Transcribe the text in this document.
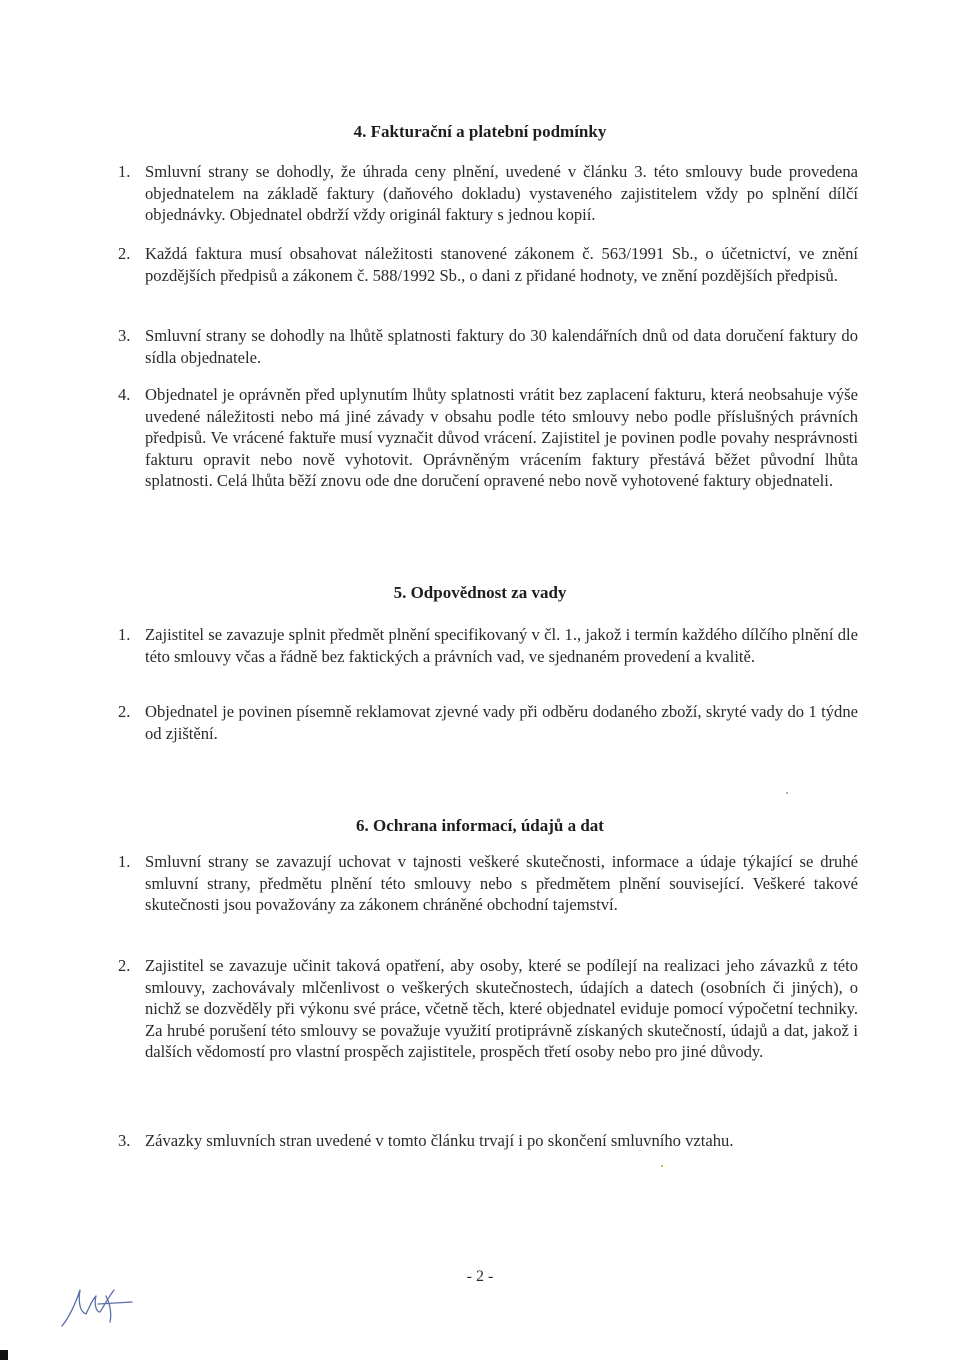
4. Fakturační a platební podmínky
1. Smluvní strany se dohodly, že úhrada ceny plnění, uvedené v článku 3. této smlouvy bude provedena objednatelem na základě faktury (daňového dokladu) vystaveného zajistitelem vždy po splnění dílčí objednávky. Objednatel obdrží vždy originál faktury s jednou kopií.
2. Každá faktura musí obsahovat náležitosti stanovené zákonem č. 563/1991 Sb., o účetnictví, ve znění pozdějších předpisů a zákonem č. 588/1992 Sb., o dani z přidané hodnoty, ve znění pozdějších předpisů.
3. Smluvní strany se dohodly na lhůtě splatnosti faktury do 30 kalendářních dnů od data doručení faktury do sídla objednatele.
4. Objednatel je oprávněn před uplynutím lhůty splatnosti vrátit bez zaplacení fakturu, která neobsahuje výše uvedené náležitosti nebo má jiné závady v obsahu podle této smlouvy nebo podle příslušných právních předpisů. Ve vrácené faktuře musí vyznačit důvod vrácení. Zajistitel je povinen podle povahy nesprávnosti fakturu opravit nebo nově vyhotovit. Oprávněným vrácením faktury přestává běžet původní lhůta splatnosti. Celá lhůta běží znovu ode dne doručení opravené nebo nově vyhotovené faktury objednateli.
5. Odpovědnost za vady
1. Zajistitel se zavazuje splnit předmět plnění specifikovaný v čl. 1., jakož i termín každého dílčího plnění dle této smlouvy včas a řádně bez faktických a právních vad, ve sjednaném provedení a kvalitě.
2. Objednatel je povinen písemně reklamovat zjevné vady při odběru dodaného zboží, skryté vady do 1 týdne od zjištění.
6. Ochrana informací, údajů a dat
1. Smluvní strany se zavazují uchovat v tajnosti veškeré skutečnosti, informace a údaje týkající se druhé smluvní strany, předmětu plnění této smlouvy nebo s předmětem plnění související. Veškeré takové skutečnosti jsou považovány za zákonem chráněné obchodní tajemství.
2. Zajistitel se zavazuje učinit taková opatření, aby osoby, které se podílejí na realizaci jeho závazků z této smlouvy, zachovávaly mlčenlivost o veškerých skutečnostech, údajích a datech (osobních či jiných), o nichž se dozvěděly při výkonu své práce, včetně těch, které objednatel eviduje pomocí výpočetní techniky. Za hrubé porušení této smlouvy se považuje využití protiprávně získaných skutečností, údajů a dat, jakož i dalších vědomostí pro vlastní prospěch zajistitele, prospěch třetí osoby nebo pro jiné důvody.
3. Závazky smluvních stran uvedené v tomto článku trvají i po skončení smluvního vztahu.
- 2 -
